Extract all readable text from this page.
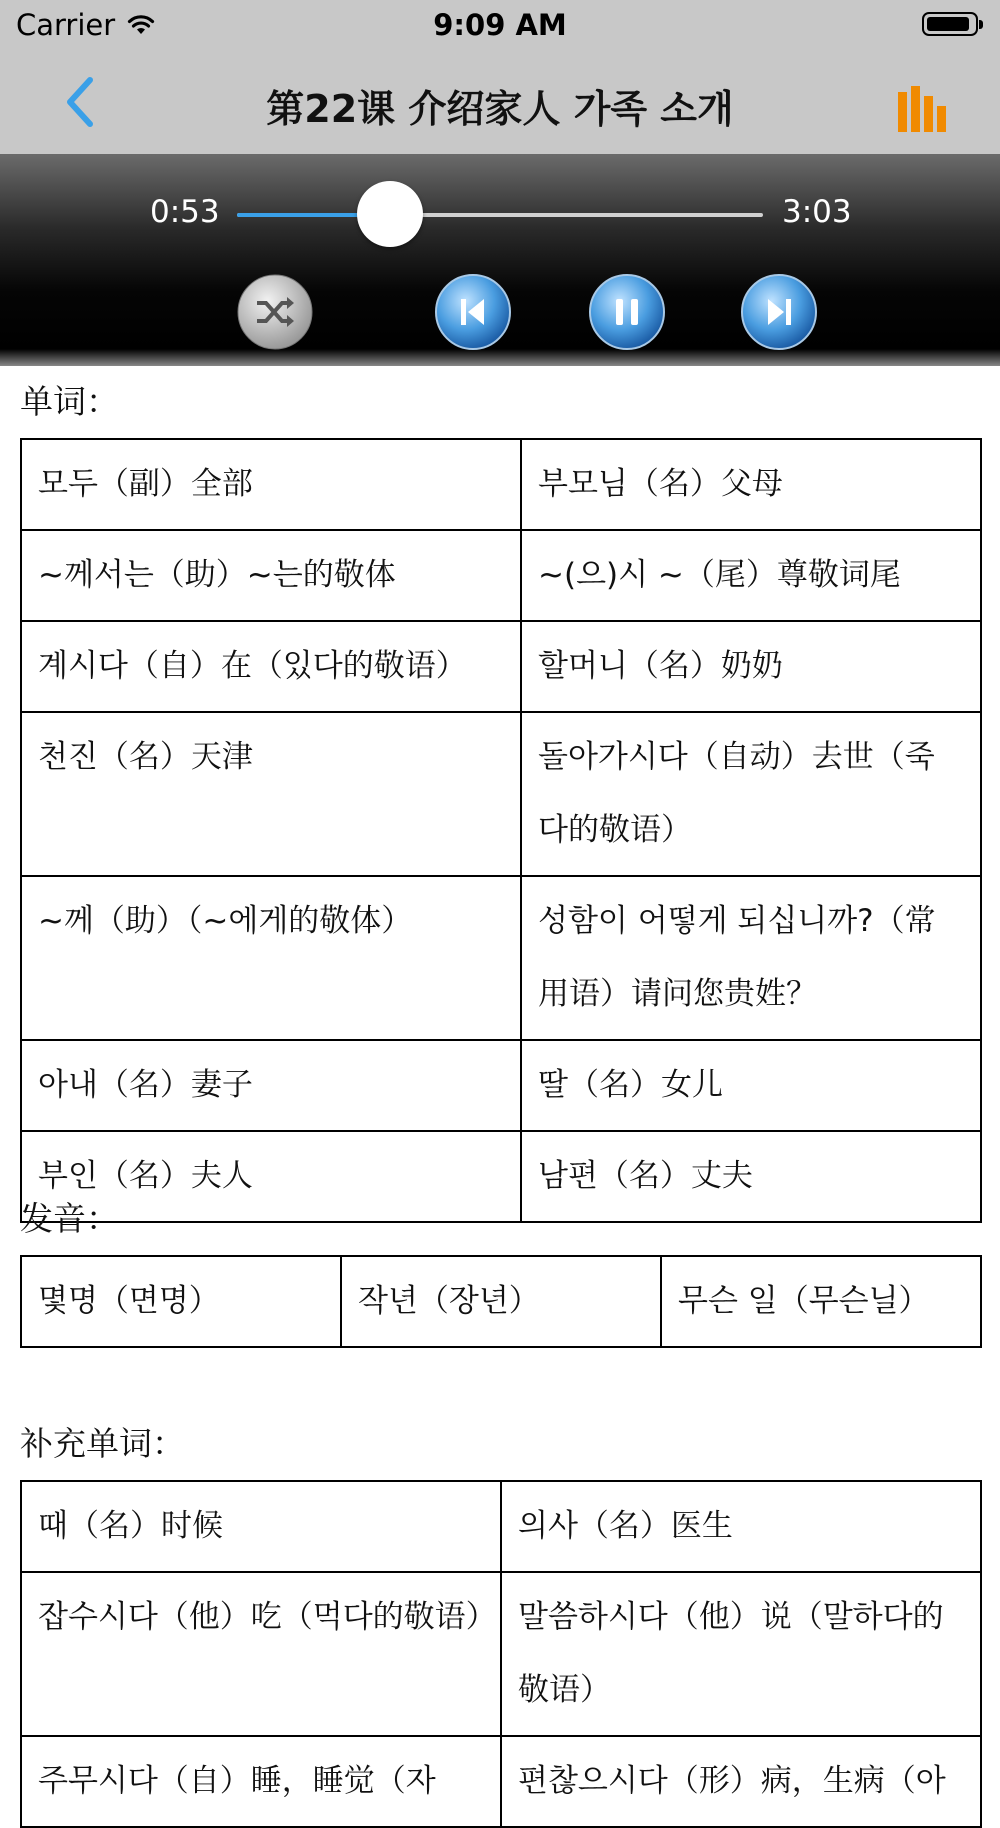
Carrier	9:09 AM
第22课 介绍家人 가족 소개
0:53	3:03
单词：
모두（副）全部	부모님（名）父母
~께서는（助）~는的敬体	~(으)시 ~（尾）尊敬词尾
계시다（自）在（있다的敬语）	할머니（名）奶奶
천진（名）天津	돌아가시다（自动）去世（죽다的敬语）
~께（助）（~에게的敬体）	성함이 어떻게 되십니까?（常用语）请问您贵姓？
아내（名）妻子	딸（名）女儿
부인（名）夫人	남편（名）丈夫
发音：
몇명（면명）	작년（장년）	무슨 일（무슨닐）
补充单词：
때（名）时候	의사（名）医生
잡수시다（他）吃（먹다的敬语）	말씀하시다（他）说（말하다的敬语）
주무시다（自）睡，睡觉（자	편찮으시다（形）病，生病（아
